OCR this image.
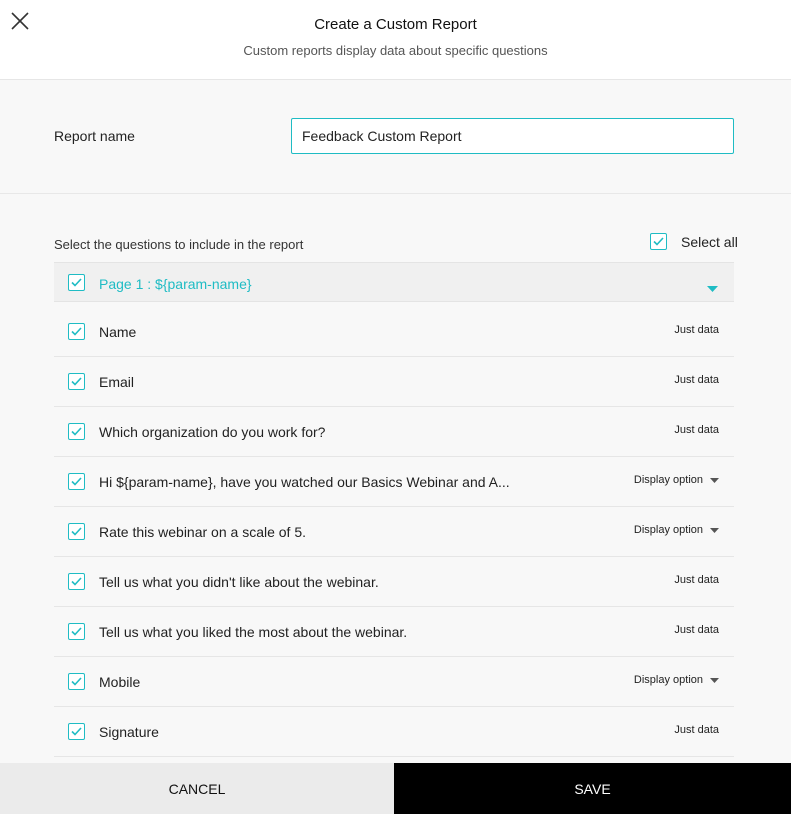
Create a Custom Report
Custom reports display data about specific questions
Report name
Feedback Custom Report
Select the questions to include in the report	Select all
Page 1 : ${param-name}
Name	Just data
Email	Just data
Which organization do you work for?	Just data
Hi ${param-name}, have you watched our Basics Webinar and A...	Display option
Rate this webinar on a scale of 5.	Display option
Tell us what you didn't like about the webinar.	Just data
Tell us what you liked the most about the webinar.	Just data
Mobile	Display option
Signature	Just data
CANCEL	SAVE
